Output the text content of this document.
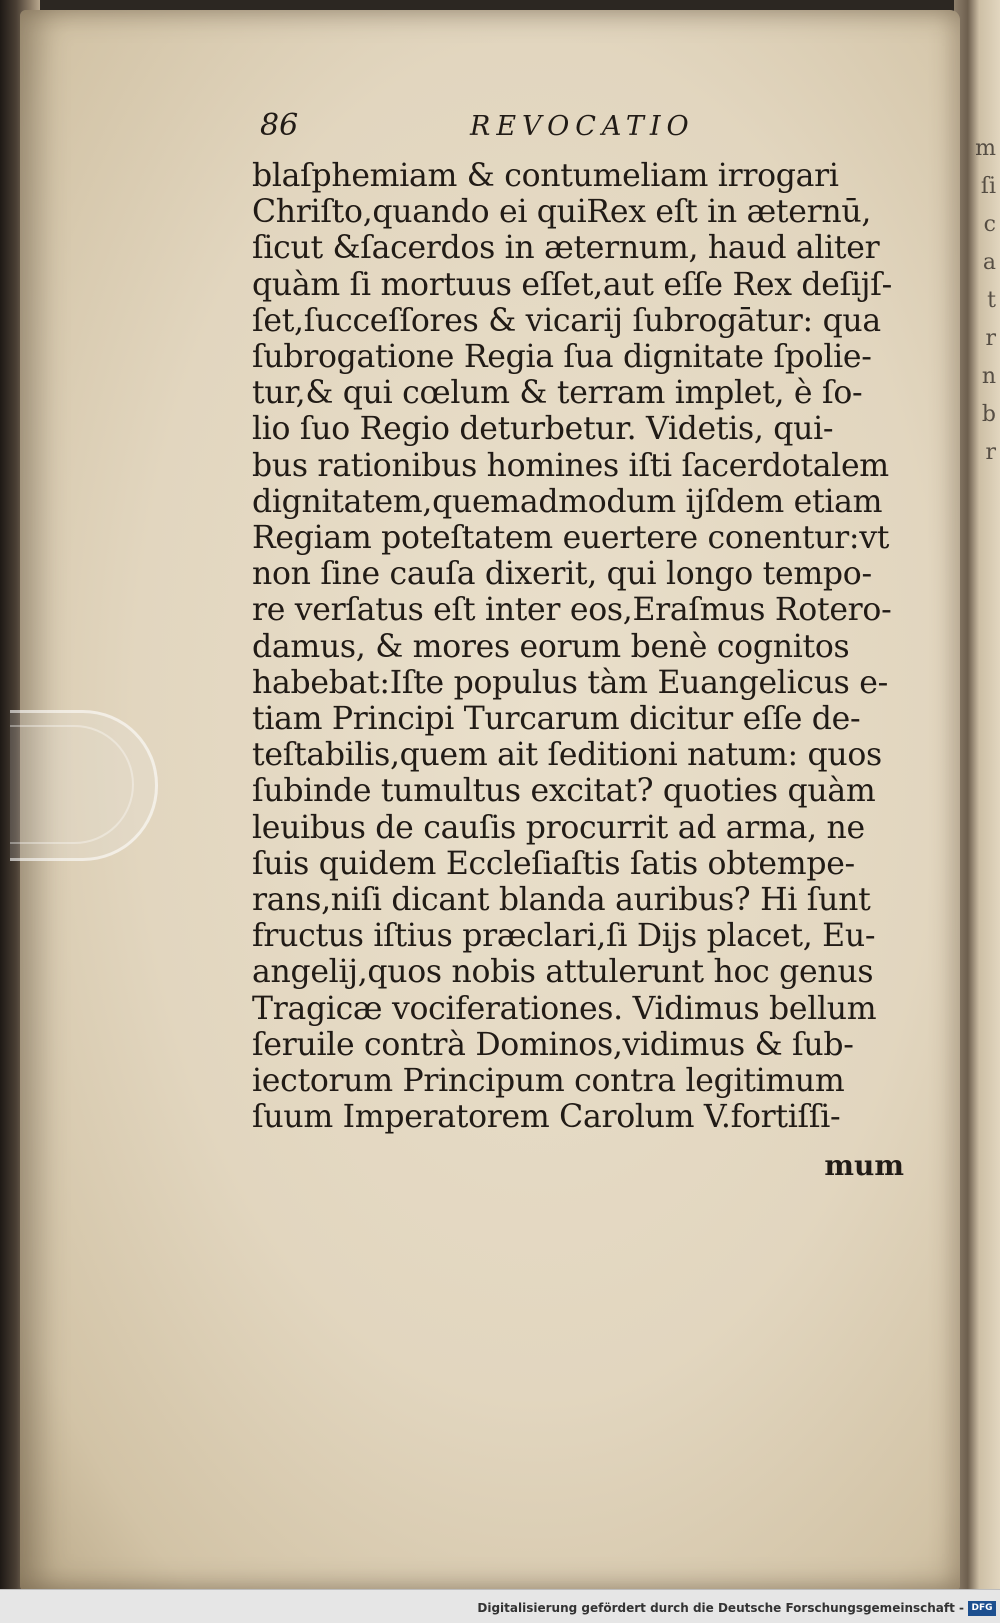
m
ſi
c
a
t
r
n
b
r
86	REVOCATIO
blaſphemiam & contumeliam irrogari
Chriſto,quando ei quiRex eſt in æternū,
ſicut &ſacerdos in æternum, haud aliter
quàm ſi mortuus eſſet,aut eſſe Rex deſijſ-
ſet,ſucceſſores & vicarij ſubrogātur: qua
ſubrogatione Regia ſua dignitate ſpolie-
tur,& qui cœlum & terram implet, è ſo-
lio ſuo Regio deturbetur. Videtis, qui-
bus rationibus homines iſti ſacerdotalem
dignitatem,quemadmodum ijſdem etiam
Regiam poteſtatem euertere conentur:vt
non ſine cauſa dixerit, qui longo tempo-
re verſatus eſt inter eos,Eraſmus Rotero-
damus, & mores eorum benè cognitos
habebat:Iſte populus tàm Euangelicus e-
tiam Principi Turcarum dicitur eſſe de-
teſtabilis,quem ait ſeditioni natum: quos
ſubinde tumultus excitat? quoties quàm
leuibus de cauſis procurrit ad arma, ne
ſuis quidem Eccleſiaſtis ſatis obtempe-
rans,niſi dicant blanda auribus? Hi ſunt
fructus iſtius præclari,ſi Dijs placet, Eu-
angelij,quos nobis attulerunt hoc genus
Tragicæ vociferationes. Vidimus bellum
ſeruile contrà Dominos,vidimus & ſub-
iectorum Principum contra legitimum
ſuum Imperatorem Carolum V.fortiſſi-
mum
Digitalisierung gefördert durch die Deutsche Forschungsgemeinschaft - DFG
